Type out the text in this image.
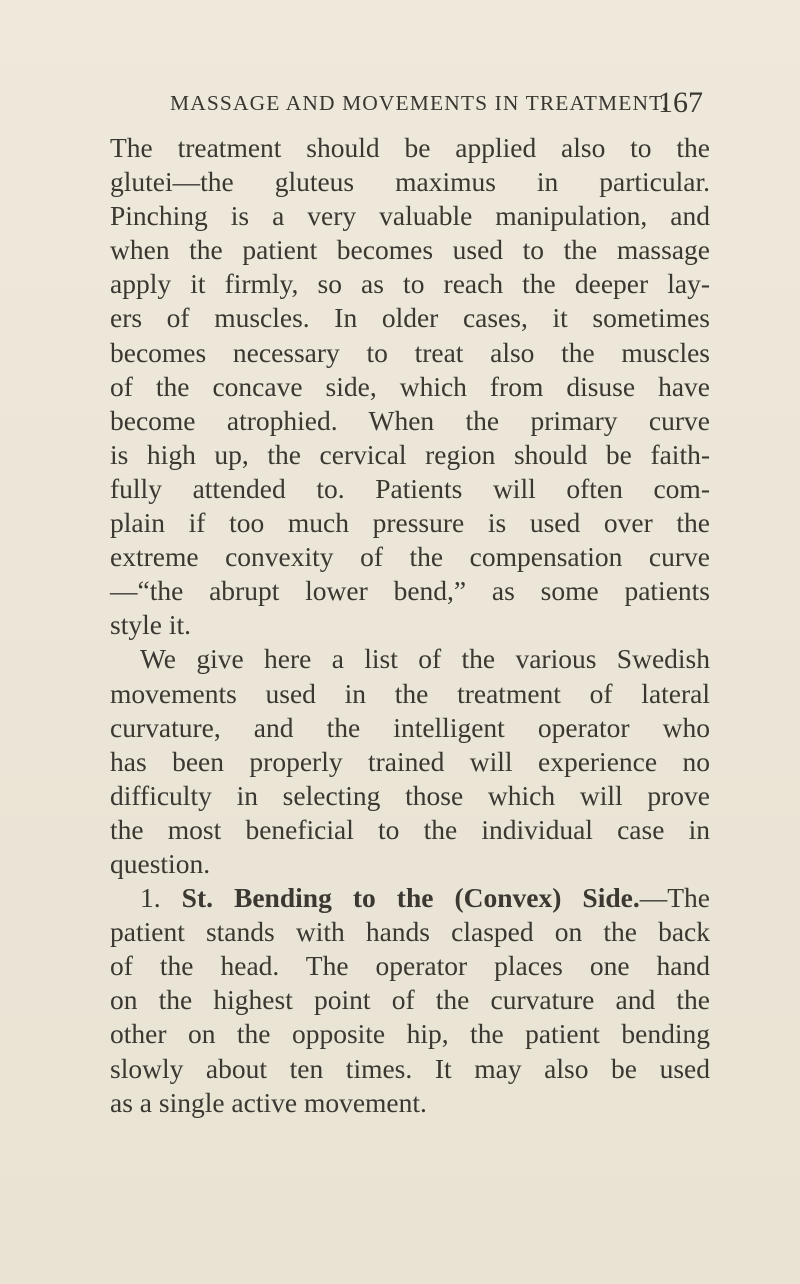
MASSAGE AND MOVEMENTS IN TREATMENT.
167
The treatment should be applied also to the
glutei—the gluteus maximus in particular.
Pinching is a very valuable manipulation, and
when the patient becomes used to the massage
apply it firmly, so as to reach the deeper lay-
ers of muscles. In older cases, it sometimes
becomes necessary to treat also the muscles
of the concave side, which from disuse have
become atrophied. When the primary curve
is high up, the cervical region should be faith-
fully attended to. Patients will often com-
plain if too much pressure is used over the
extreme convexity of the compensation curve
—“the abrupt lower bend,” as some patients
style it.
We give here a list of the various Swedish
movements used in the treatment of lateral
curvature, and the intelligent operator who
has been properly trained will experience no
difficulty in selecting those which will prove
the most beneficial to the individual case in
question.
1. St. Bending to the (Convex) Side.—The
patient stands with hands clasped on the back
of the head. The operator places one hand
on the highest point of the curvature and the
other on the opposite hip, the patient bending
slowly about ten times. It may also be used
as a single active movement.
